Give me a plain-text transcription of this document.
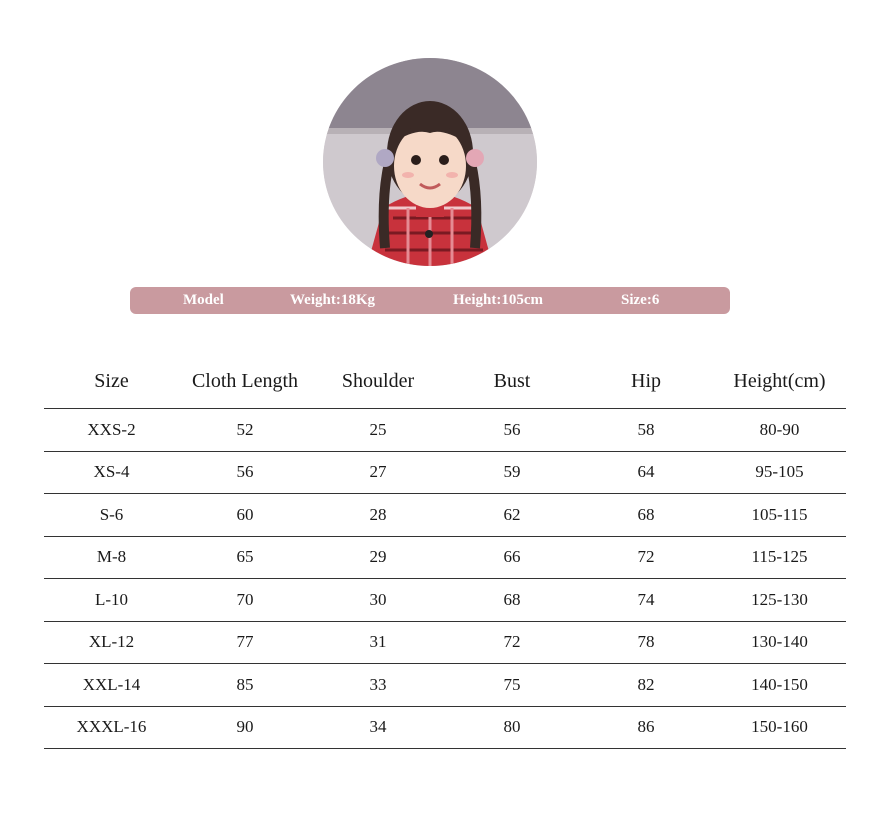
Model	Weight:18Kg	Height:105cm	Size:6
Size	Cloth Length	Shoulder	Bust	Hip	Height(cm)
XXS-2	52	25	56	58	80-90
XS-4	56	27	59	64	95-105
S-6	60	28	62	68	105-115
M-8	65	29	66	72	115-125
L-10	70	30	68	74	125-130
XL-12	77	31	72	78	130-140
XXL-14	85	33	75	82	140-150
XXXL-16	90	34	80	86	150-160
